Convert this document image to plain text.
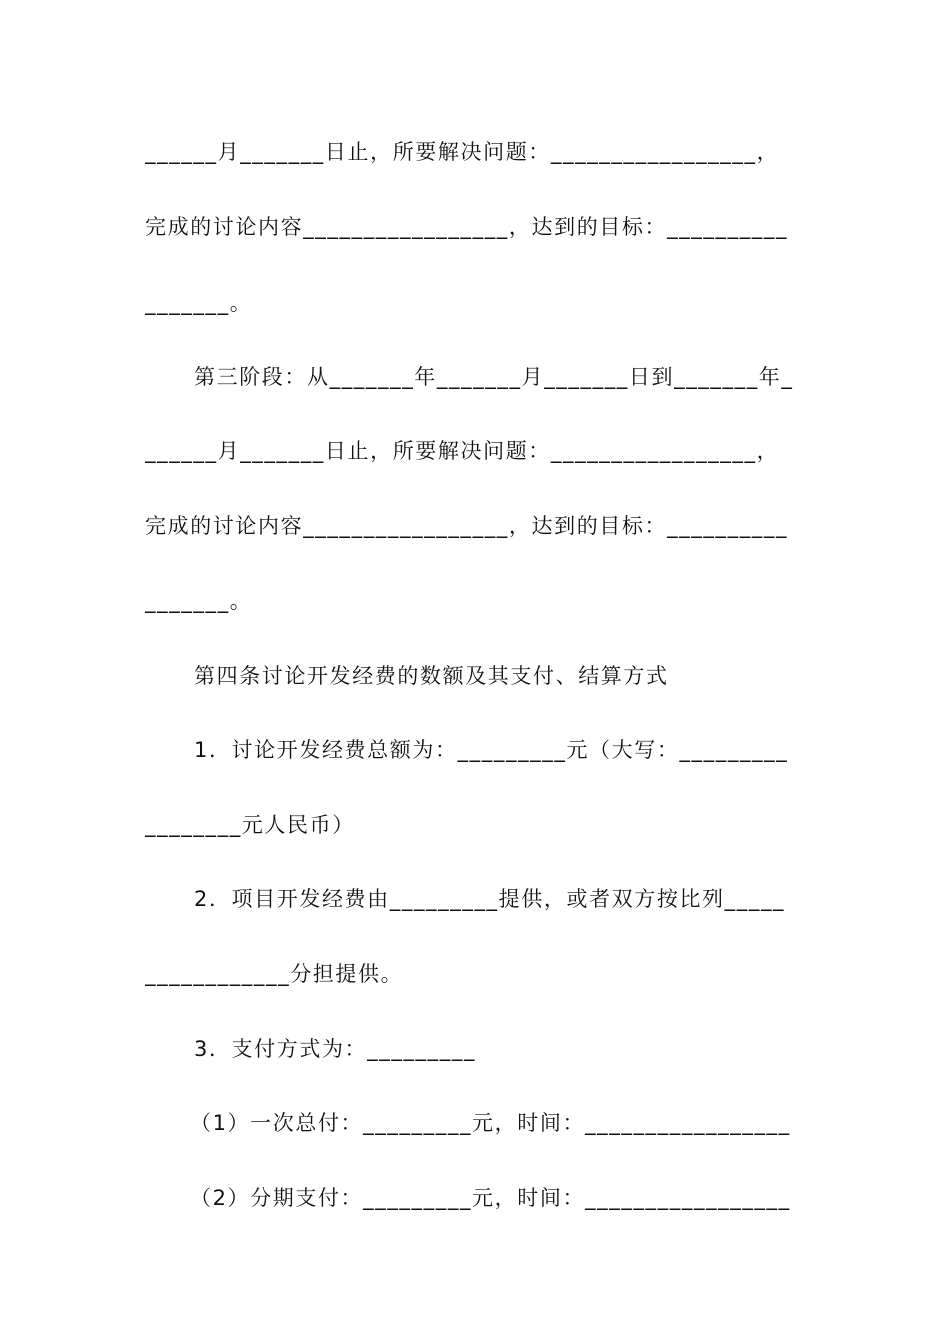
______月_______日止，所要解决问题：_________________，
完成的讨论内容_________________，达到的目标：__________
_______。
第三阶段：从_______年_______月_______日到_______年_
______月_______日止，所要解决问题：_________________，
完成的讨论内容_________________，达到的目标：__________
_______。
第四条讨论开发经费的数额及其支付、结算方式
1．讨论开发经费总额为：_________元（大写：_________
________元人民币）
2．项目开发经费由_________提供，或者双方按比列_____
____________分担提供。
3．支付方式为：_________
（1）一次总付：_________元，时间：_________________
（2）分期支付：_________元，时间：_________________
